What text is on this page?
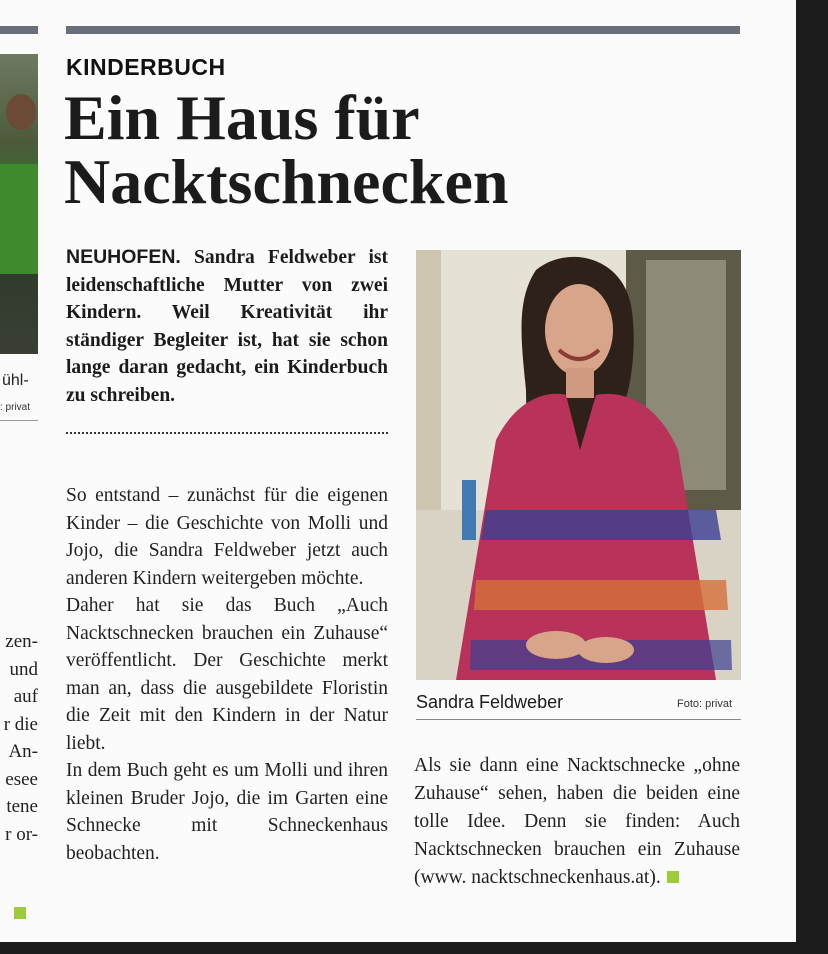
ühl-
: privat
zen-
und
auf
r die
An-
esee
tene
r or-
KINDERBUCH
Ein Haus für
Nacktschnecken
NEUHOFEN. Sandra Feldweber ist leidenschaftliche Mutter von zwei Kindern. Weil Kreativität ihr ständiger Begleiter ist, hat sie schon lange daran gedacht, ein Kinderbuch zu schreiben.

So entstand – zunächst für die eigenen Kinder – die Geschichte von Molli und Jojo, die Sandra Feldweber jetzt auch anderen Kindern weitergeben möchte.

Daher hat sie das Buch „Auch Nacktschnecken brauchen ein Zuhause“ veröffentlicht. Der Geschichte merkt man an, dass die ausgebildete Floristin die Zeit mit den Kindern in der Natur liebt.

In dem Buch geht es um Molli und ihren kleinen Bruder Jojo, die im Garten eine Schnecke mit Schneckenhaus beobachten.

Sandra Feldweber	Foto: privat

Als sie dann eine Nacktschnecke „ohne Zuhause“ sehen, haben die beiden eine tolle Idee. Denn sie finden: Auch Nacktschnecken brauchen ein Zuhause (www. nacktschneckenhaus.at).
